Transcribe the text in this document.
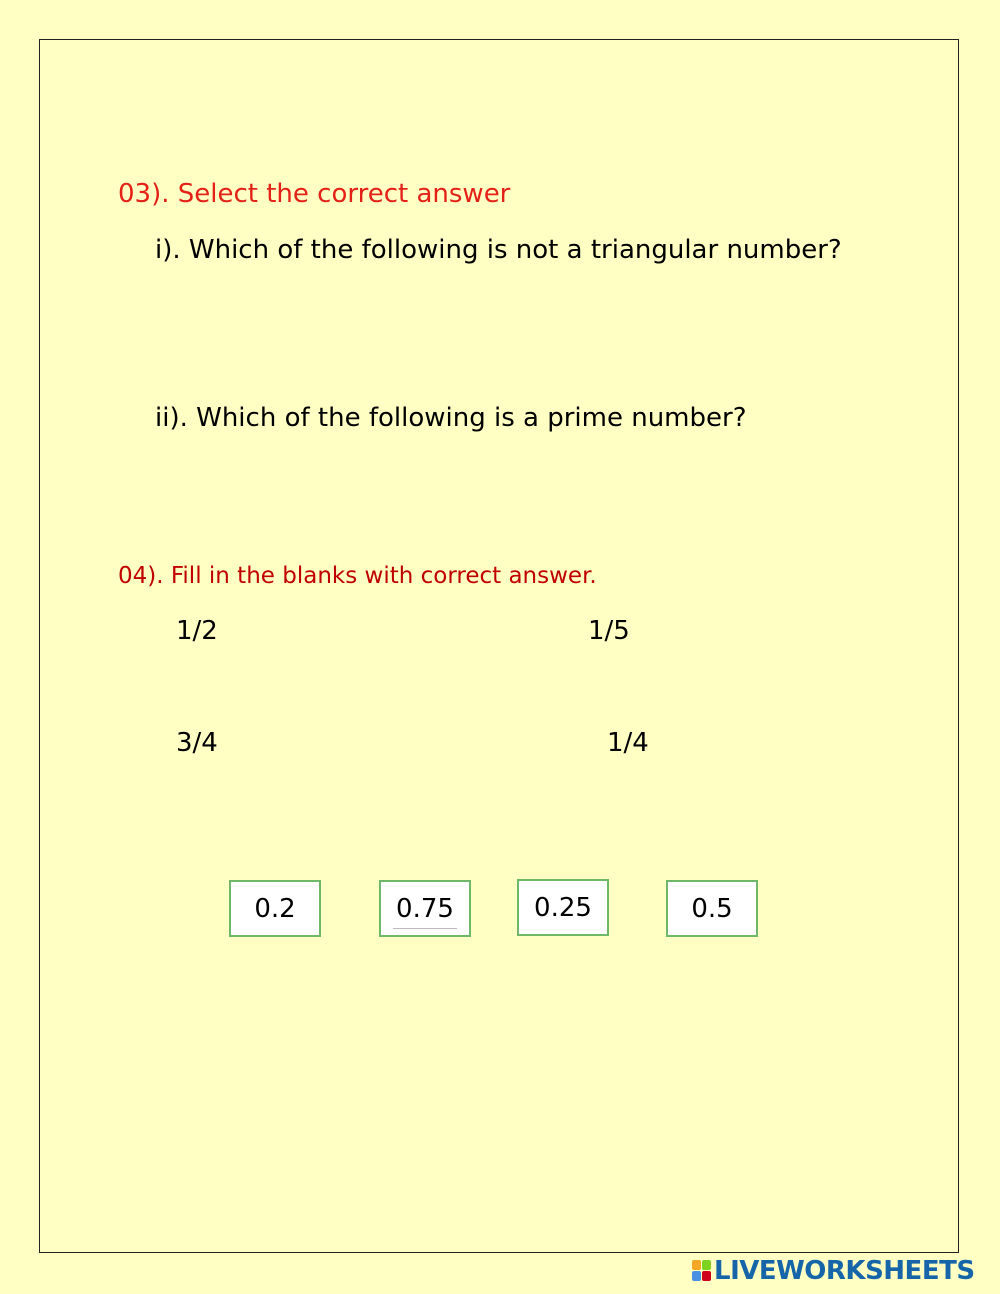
03). Select the correct answer
i). Which of the following is not a triangular number?
ii). Which of the following is a prime number?
04). Fill in the blanks with correct answer.
1/2	1/5
3/4	1/4
0.2	0.75	0.25	0.5
LIVEWORKSHEETS
